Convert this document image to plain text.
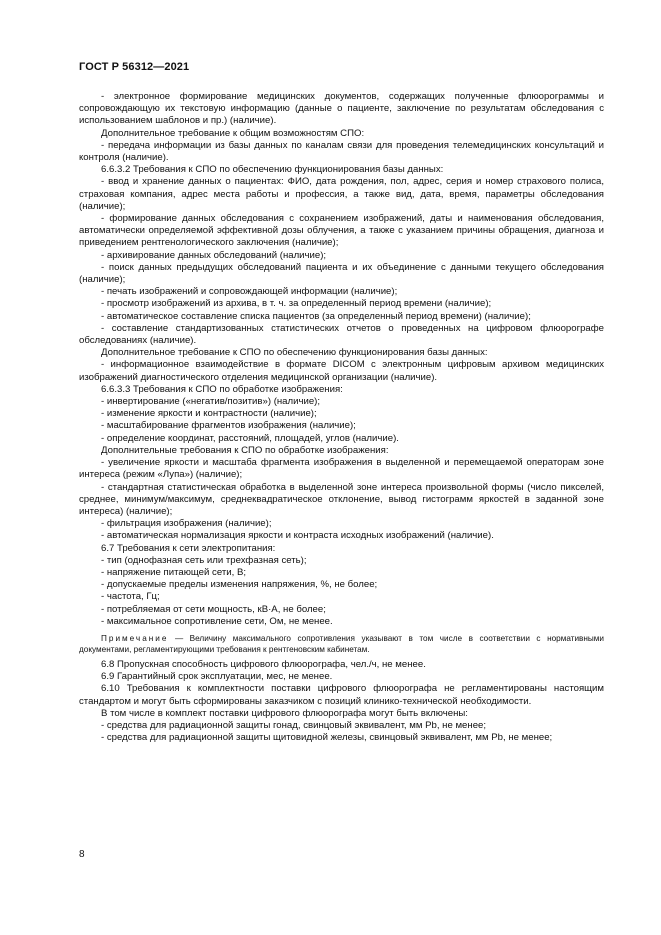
ГОСТ Р 56312—2021

- электронное формирование медицинских документов, содержащих полученные флюорограммы и сопровождающую их текстовую информацию (данные о пациенте, заключение по результатам обследования с использованием шаблонов и пр.) (наличие).

Дополнительное требование к общим возможностям СПО:

- передача информации из базы данных по каналам связи для проведения телемедицинских консультаций и контроля (наличие).

6.6.3.2 Требования к СПО по обеспечению функционирования базы данных:

- ввод и хранение данных о пациентах: ФИО, дата рождения, пол, адрес, серия и номер страхового полиса, страховая компания, адрес места работы и профессия, а также вид, дата, время, параметры обследования (наличие);

- формирование данных обследования с сохранением изображений, даты и наименования обследования, автоматически определяемой эффективной дозы облучения, а также с указанием причины обращения, диагноза и приведением рентгенологического заключения (наличие);

- архивирование данных обследований (наличие);

- поиск данных предыдущих обследований пациента и их объединение с данными текущего обследования (наличие);

- печать изображений и сопровождающей информации (наличие);

- просмотр изображений из архива, в т. ч. за определенный период времени (наличие);

- автоматическое составление списка пациентов (за определенный период времени) (наличие);

- составление стандартизованных статистических отчетов о проведенных на цифровом флюорографе обследованиях (наличие).

Дополнительное требование к СПО по обеспечению функционирования базы данных:

- информационное взаимодействие в формате DICOM с электронным цифровым архивом медицинских изображений диагностического отделения медицинской организации (наличие).

6.6.3.3 Требования к СПО по обработке изображения:

- инвертирование («негатив/позитив») (наличие);

- изменение яркости и контрастности (наличие);

- масштабирование фрагментов изображения (наличие);

- определение координат, расстояний, площадей, углов (наличие).

Дополнительные требования к СПО по обработке изображения:

- увеличение яркости и масштаба фрагмента изображения в выделенной и перемещаемой операторам зоне интереса (режим «Лупа») (наличие);

- стандартная статистическая обработка в выделенной зоне интереса произвольной формы (число пикселей, среднее, минимум/максимум, среднеквадратическое отклонение, вывод гистограмм яркостей в заданной зоне интереса) (наличие);

- фильтрация изображения (наличие);

- автоматическая нормализация яркости и контраста исходных изображений (наличие).

6.7 Требования к сети электропитания:

- тип (однофазная сеть или трехфазная сеть);

- напряжение питающей сети, В;

- допускаемые пределы изменения напряжения, %, не более;

- частота, Гц;

- потребляемая от сети мощность, кВ·А, не более;

- максимальное сопротивление сети, Ом, не менее.

Примечание — Величину максимального сопротивления указывают в том числе в соответствии с нормативными документами, регламентирующими требования к рентгеновским кабинетам.

6.8 Пропускная способность цифрового флюорографа, чел./ч, не менее.

6.9 Гарантийный срок эксплуатации, мес, не менее.

6.10 Требования к комплектности поставки цифрового флюорографа не регламентированы настоящим стандартом и могут быть сформированы заказчиком с позиций клинико-технической необходимости.

В том числе в комплект поставки цифрового флюорографа могут быть включены:

- средства для радиационной защиты гонад, свинцовый эквивалент, мм Pb, не менее;

- средства для радиационной защиты щитовидной железы, свинцовый эквивалент, мм Pb, не менее;

8
